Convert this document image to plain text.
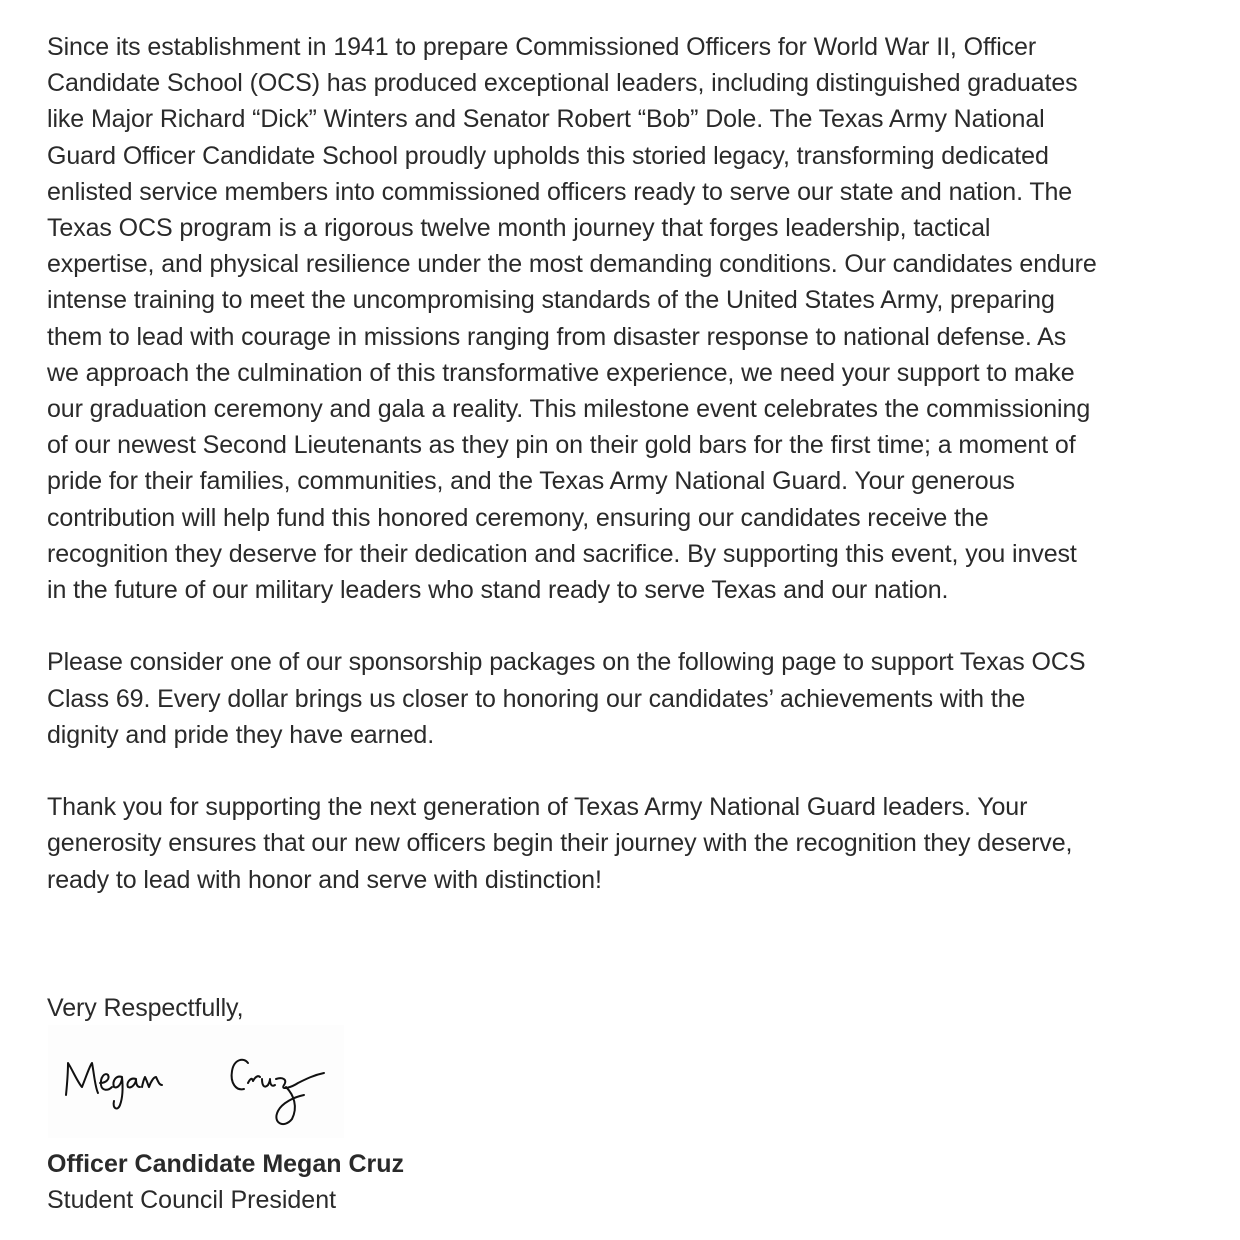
Since its establishment in 1941 to prepare Commissioned Officers for World War II, Officer
Candidate School (OCS) has produced exceptional leaders, including distinguished graduates
like Major Richard “Dick” Winters and Senator Robert “Bob” Dole. The Texas Army National
Guard Officer Candidate School proudly upholds this storied legacy, transforming dedicated
enlisted service members into commissioned officers ready to serve our state and nation. The
Texas OCS program is a rigorous twelve month journey that forges leadership, tactical
expertise, and physical resilience under the most demanding conditions. Our candidates endure
intense training to meet the uncompromising standards of the United States Army, preparing
them to lead with courage in missions ranging from disaster response to national defense. As
we approach the culmination of this transformative experience, we need your support to make
our graduation ceremony and gala a reality. This milestone event celebrates the commissioning
of our newest Second Lieutenants as they pin on their gold bars for the first time; a moment of
pride for their families, communities, and the Texas Army National Guard. Your generous
contribution will help fund this honored ceremony, ensuring our candidates receive the
recognition they deserve for their dedication and sacrifice. By supporting this event, you invest
in the future of our military leaders who stand ready to serve Texas and our nation.

Please consider one of our sponsorship packages on the following page to support Texas OCS
Class 69. Every dollar brings us closer to honoring our candidates’ achievements with the
dignity and pride they have earned.

Thank you for supporting the next generation of Texas Army National Guard leaders. Your
generosity ensures that our new officers begin their journey with the recognition they deserve,
ready to lead with honor and serve with distinction!

Very Respectfully,
Officer Candidate Megan Cruz
Student Council President
